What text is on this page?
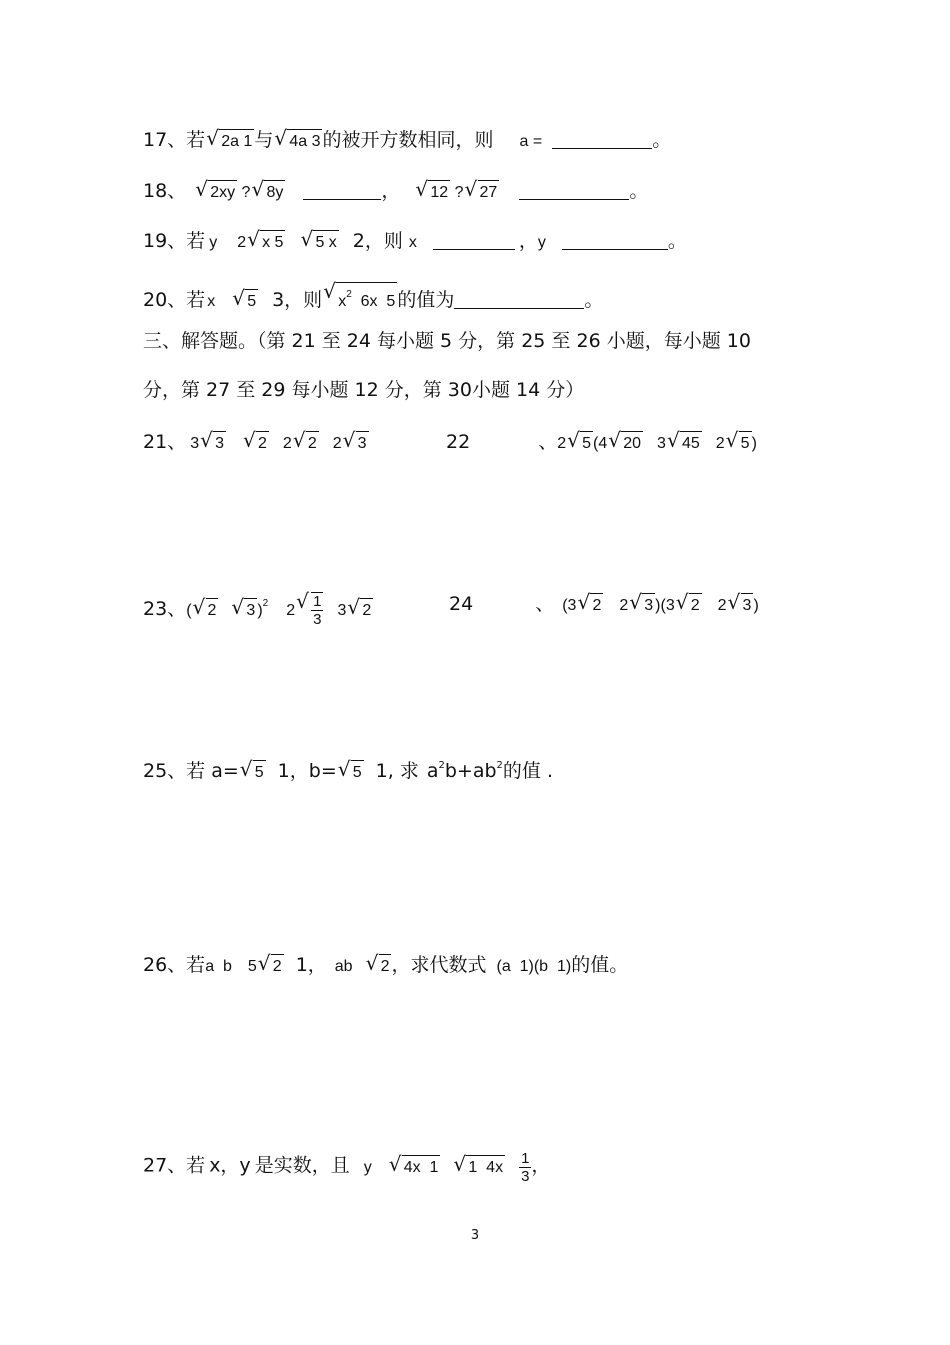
17、若√ 2a 1 与√ 4a 3 的被开方数相同，则 a =	。
18、√ 2xy ?√ 8y	，√ 12 ?√ 27	。
19、若 y 2√ x 5√ 5 x 2，则 x	，y	。
20、若 x√ 5 3，则√ $x^2$  6x  5 的值为	。
三、解答题。（第 21 至 24 每小题 5 分，第 25 至 26 小题，每小题 10
分，第 27 至 29 每小题 12 分，第 30小题 14 分）
21、 3√ 3√ 2 2√ 2 2√ 3	22	、2√ 5 (4√ 20 3√ 45 2√ 5 )
23、(√ 2√ 3 )$^2$ 2
√ $\frac{1}{3} 3√$ 2	24	、 (3√ 2 2√ 3 )(3√ 2 2√ 3 )
25、若 a=√ 5 1，b=√ 5 1, 求 $a^2b+ab^2$的值 .
26、若a  b 5√ 2 1， ab√ 2 ，求代数式 (a  1)(b  1)的值。
27、若 x，y 是实数，且 y√ 4x  1√ 1  $4x \frac{1}{3}$ ，
3
